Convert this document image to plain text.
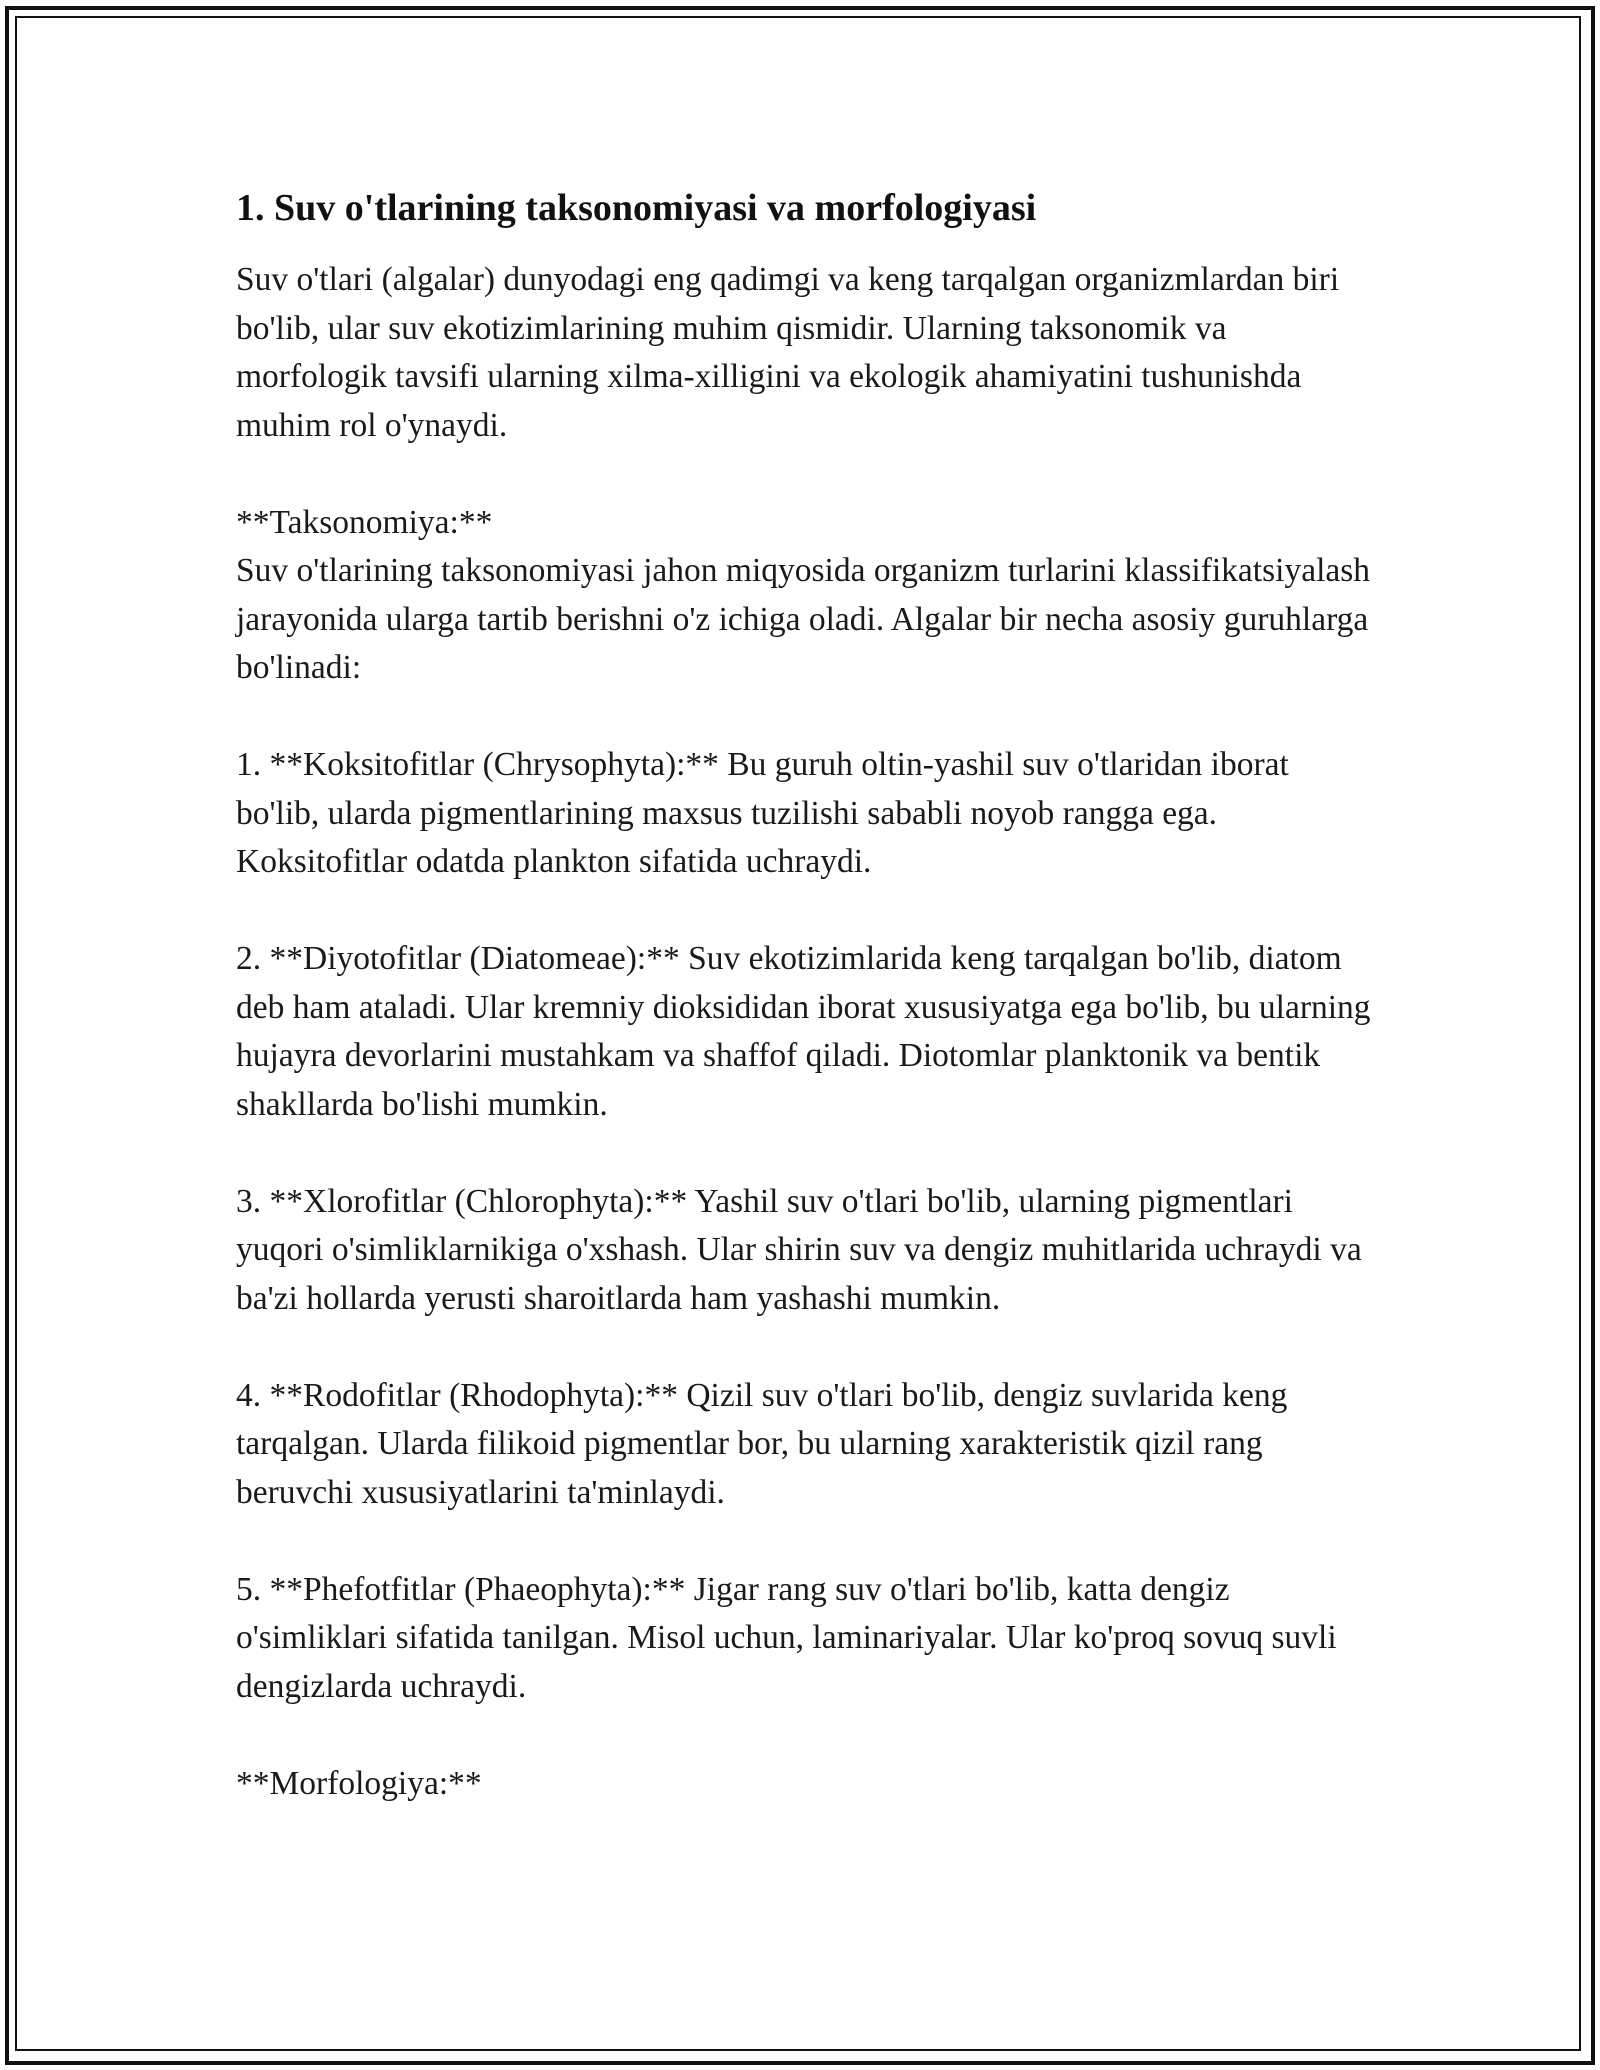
1. Suv o'tlarining taksonomiyasi va morfologiyasi

Suv o'tlari (algalar) dunyodagi eng qadimgi va keng tarqalgan organizmlardan biri bo'lib, ular suv ekotizimlarining muhim qismidir. Ularning taksonomik va morfologik tavsifi ularning xilma-xilligini va ekologik ahamiyatini tushunishda muhim rol o'ynaydi.

**Taksonomiya:**

Suv o'tlarining taksonomiyasi jahon miqyosida organizm turlarini klassifikatsiyalash jarayonida ularga tartib berishni o'z ichiga oladi. Algalar bir necha asosiy guruhlarga bo'linadi:

1. **Koksitofitlar (Chrysophyta):** Bu guruh oltin-yashil suv o'tlaridan iborat bo'lib, ularda pigmentlarining maxsus tuzilishi sababli noyob rangga ega. Koksitofitlar odatda plankton sifatida uchraydi.

2. **Diyotofitlar (Diatomeae):** Suv ekotizimlarida keng tarqalgan bo'lib, diatom deb ham ataladi. Ular kremniy dioksididan iborat xususiyatga ega bo'lib, bu ularning hujayra devorlarini mustahkam va shaffof qiladi. Diotomlar planktonik va bentik shakllarda bo'lishi mumkin.

3. **Xlorofitlar (Chlorophyta):** Yashil suv o'tlari bo'lib, ularning pigmentlari yuqori o'simliklarnikiga o'xshash. Ular shirin suv va dengiz muhitlarida uchraydi va ba'zi hollarda yerusti sharoitlarda ham yashashi mumkin.

4. **Rodofitlar (Rhodophyta):** Qizil suv o'tlari bo'lib, dengiz suvlarida keng tarqalgan. Ularda filikoid pigmentlar bor, bu ularning xarakteristik qizil rang beruvchi xususiyatlarini ta'minlaydi.

5. **Phefotfitlar (Phaeophyta):** Jigar rang suv o'tlari bo'lib, katta dengiz o'simliklari sifatida tanilgan. Misol uchun, laminariyalar. Ular ko'proq sovuq suvli dengizlarda uchraydi.

**Morfologiya:**
